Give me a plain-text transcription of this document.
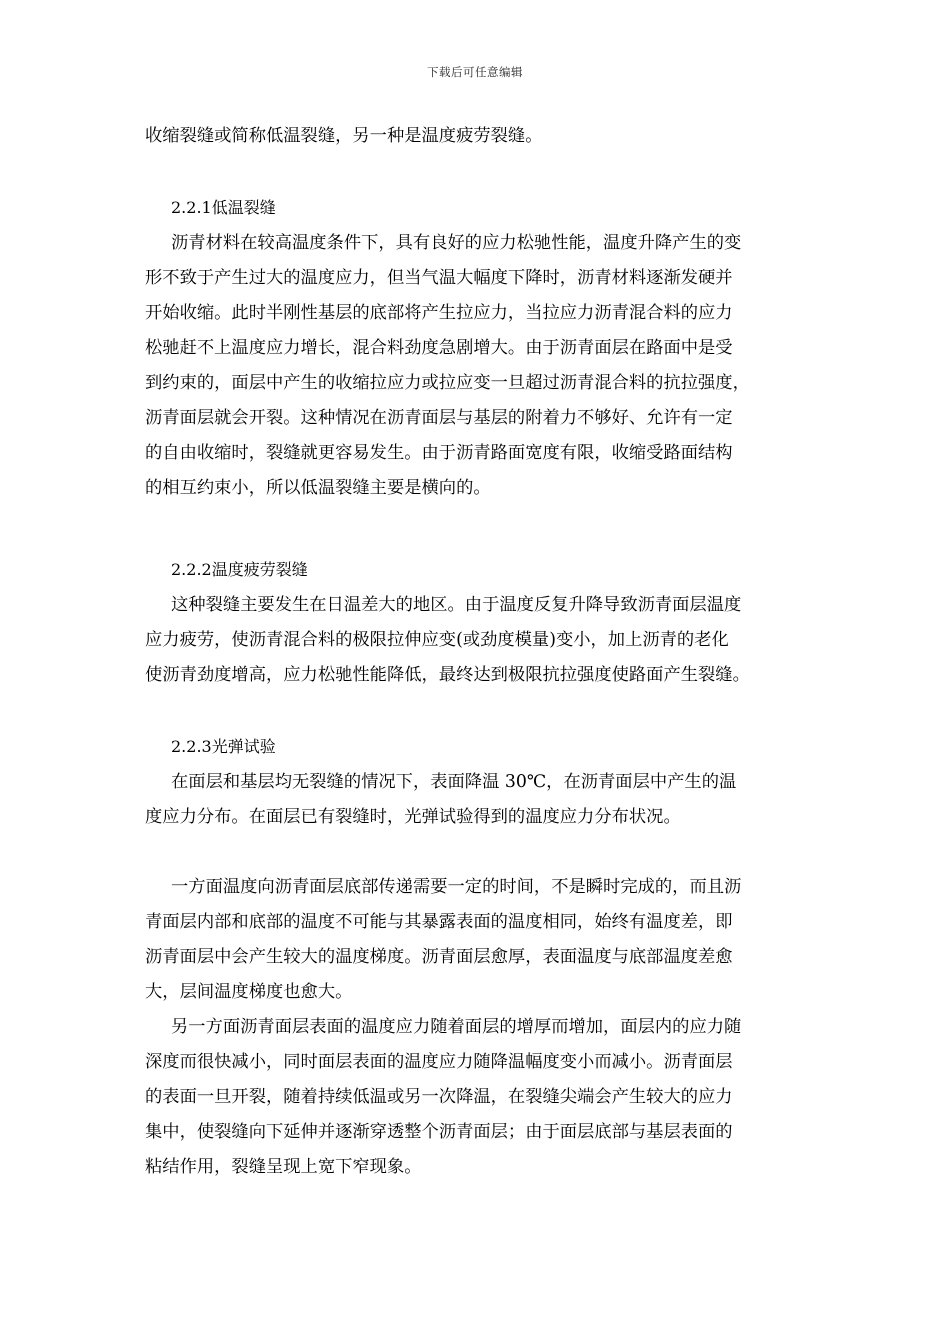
下载后可任意编辑
收缩裂缝或简称低温裂缝，另一种是温度疲劳裂缝。
2.2.1低温裂缝
沥青材料在较高温度条件下，具有良好的应力松驰性能，温度升降产生的变
形不致于产生过大的温度应力，但当气温大幅度下降时，沥青材料逐渐发硬并
开始收缩。此时半刚性基层的底部将产生拉应力，当拉应力沥青混合料的应力
松驰赶不上温度应力增长，混合料劲度急剧增大。由于沥青面层在路面中是受
到约束的，面层中产生的收缩拉应力或拉应变一旦超过沥青混合料的抗拉强度，
沥青面层就会开裂。这种情况在沥青面层与基层的附着力不够好、允许有一定
的自由收缩时，裂缝就更容易发生。由于沥青路面宽度有限，收缩受路面结构
的相互约束小，所以低温裂缝主要是横向的。
2.2.2温度疲劳裂缝
这种裂缝主要发生在日温差大的地区。由于温度反复升降导致沥青面层温度
应力疲劳，使沥青混合料的极限拉伸应变(或劲度模量)变小，加上沥青的老化
使沥青劲度增高，应力松驰性能降低，最终达到极限抗拉强度使路面产生裂缝。
2.2.3光弹试验
在面层和基层均无裂缝的情况下，表面降温 30℃，在沥青面层中产生的温
度应力分布。在面层已有裂缝时，光弹试验得到的温度应力分布状况。
一方面温度向沥青面层底部传递需要一定的时间，不是瞬时完成的，而且沥
青面层内部和底部的温度不可能与其暴露表面的温度相同，始终有温度差，即
沥青面层中会产生较大的温度梯度。沥青面层愈厚，表面温度与底部温度差愈
大，层间温度梯度也愈大。
另一方面沥青面层表面的温度应力随着面层的增厚而增加，面层内的应力随
深度而很快减小，同时面层表面的温度应力随降温幅度变小而减小。沥青面层
的表面一旦开裂，随着持续低温或另一次降温，在裂缝尖端会产生较大的应力
集中，使裂缝向下延伸并逐渐穿透整个沥青面层；由于面层底部与基层表面的
粘结作用，裂缝呈现上宽下窄现象。
